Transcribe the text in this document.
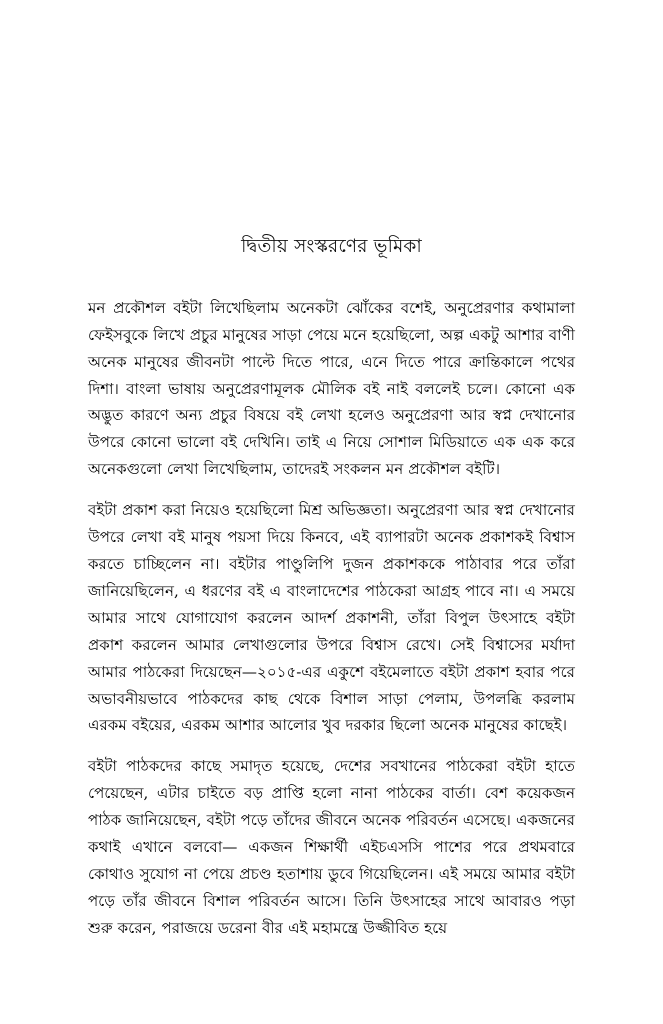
দ্বিতীয় সংস্করণের ভূমিকা

মন প্রকৌশল বইটা লিখেছিলাম অনেকটা ঝোঁকের বশেই, অনুপ্রেরণার কথামালা ফেইসবুকে লিখে প্রচুর মানুষের সাড়া পেয়ে মনে হয়েছিলো, অল্প একটু আশার বাণী অনেক মানুষের জীবনটা পাল্টে দিতে পারে, এনে দিতে পারে ক্রান্তিকালে পথের দিশা। বাংলা ভাষায় অনুপ্রেরণামূলক মৌলিক বই নাই বললেই চলে। কোনো এক অদ্ভুত কারণে অন্য প্রচুর বিষয়ে বই লেখা হলেও অনুপ্রেরণা আর স্বপ্ন দেখানোর উপরে কোনো ভালো বই দেখিনি। তাই এ নিয়ে সোশাল মিডিয়াতে এক এক করে অনেকগুলো লেখা লিখেছিলাম, তাদেরই সংকলন মন প্রকৌশল বইটি।

বইটা প্রকাশ করা নিয়েও হয়েছিলো মিশ্র অভিজ্ঞতা। অনুপ্রেরণা আর স্বপ্ন দেখানোর উপরে লেখা বই মানুষ পয়সা দিয়ে কিনবে, এই ব্যাপারটা অনেক প্রকাশকই বিশ্বাস করতে চাচ্ছিলেন না। বইটার পাণ্ডুলিপি দুজন প্রকাশককে পাঠাবার পরে তাঁরা জানিয়েছিলেন, এ ধরণের বই এ বাংলাদেশের পাঠকেরা আগ্রহ পাবে না। এ সময়ে আমার সাথে যোগাযোগ করলেন আদর্শ প্রকাশনী, তাঁরা বিপুল উৎসাহে বইটা প্রকাশ করলেন আমার লেখাগুলোর উপরে বিশ্বাস রেখে। সেই বিশ্বাসের মর্যাদা আমার পাঠকেরা দিয়েছেন—২০১৫-এর একুশে বইমেলাতে বইটা প্রকাশ হবার পরে অভাবনীয়ভাবে পাঠকদের কাছ থেকে বিশাল সাড়া পেলাম, উপলব্ধি করলাম এরকম বইয়ের, এরকম আশার আলোর খুব দরকার ছিলো অনেক মানুষের কাছেই।

বইটা পাঠকদের কাছে সমাদৃত হয়েছে, দেশের সবখানের পাঠকেরা বইটা হাতে পেয়েছেন, এটার চাইতে বড় প্রাপ্তি হলো নানা পাঠকের বার্তা। বেশ কয়েকজন পাঠক জানিয়েছেন, বইটা পড়ে তাঁদের জীবনে অনেক পরিবর্তন এসেছে। একজনের কথাই এখানে বলবো— একজন শিক্ষার্থী এইচএসসি পাশের পরে প্রথমবারে কোথাও সুযোগ না পেয়ে প্রচণ্ড হতাশায় ডুবে গিয়েছিলেন। এই সময়ে আমার বইটা পড়ে তাঁর জীবনে বিশাল পরিবর্তন আসে। তিনি উৎসাহের সাথে আবারও পড়া শুরু করেন, পরাজয়ে ডরেনা বীর এই মহামন্ত্রে উজ্জীবিত হয়ে
